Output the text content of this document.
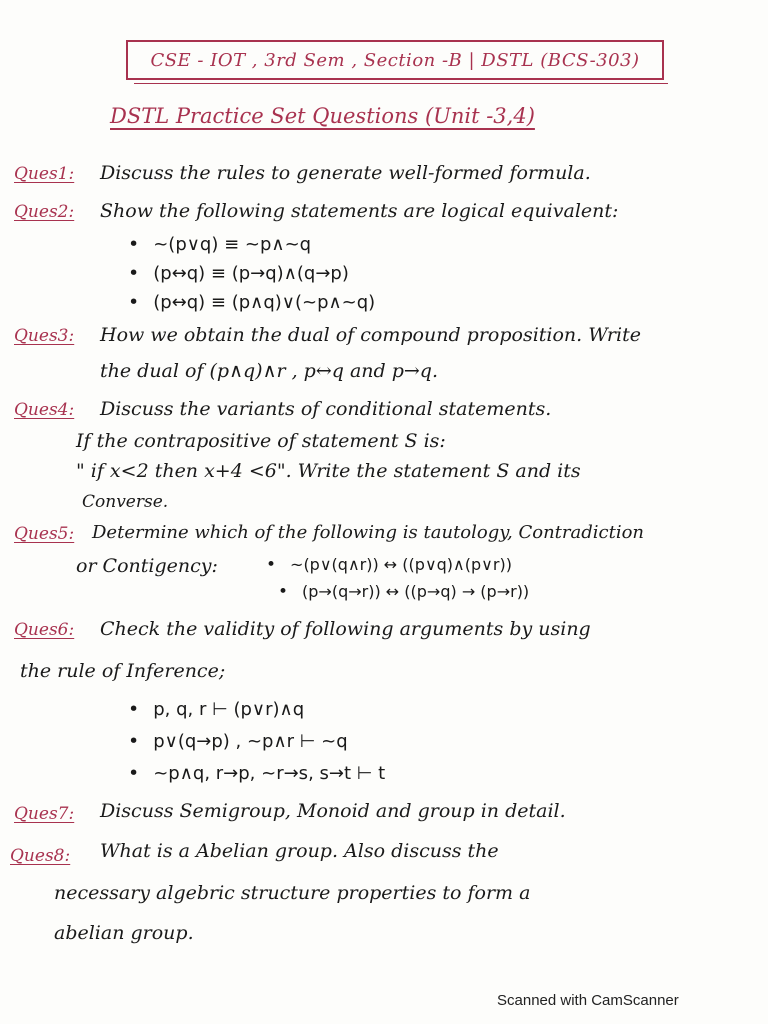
CSE - IOT , 3rd Sem , Section -B | DSTL (BCS-303)
DSTL Practice Set Questions (Unit -3,4)
Ques1: Discuss the rules to generate well-formed formula.
Ques2: Show the following statements are logical equivalent:
• ~(p∨q) ≡ ~p∧~q
• (p↔q) ≡ (p→q)∧(q→p)
• (p↔q) ≡ (p∧q)∨(~p∧~q)
Ques3: How we obtain the dual of compound proposition. Write
the dual of (p∧q)∧r , p↔q and p→q.
Ques4: Discuss the variants of conditional statements.
If the contrapositive of statement S is:
" if x<2 then x+4 <6". Write the statement S and its
Converse.
Ques5: Determine which of the following is tautology, Contradiction
or Contigency:	• ~(p∨(q∧r)) ↔ ((p∨q)∧(p∨r))
• (p→(q→r)) ↔ ((p→q) → (p→r))
Ques6: Check the validity of following arguments by using
the rule of Inference;
• p, q, r ⊢ (p∨r)∧q
• p∨(q→p) , ~p∧r ⊢ ~q
• ~p∧q, r→p, ~r→s, s→t ⊢ t
Ques7: Discuss Semigroup, Monoid and group in detail.
Ques8: What is a Abelian group. Also discuss the
necessary algebric structure properties to form a
abelian group.
Scanned with CamScanner
